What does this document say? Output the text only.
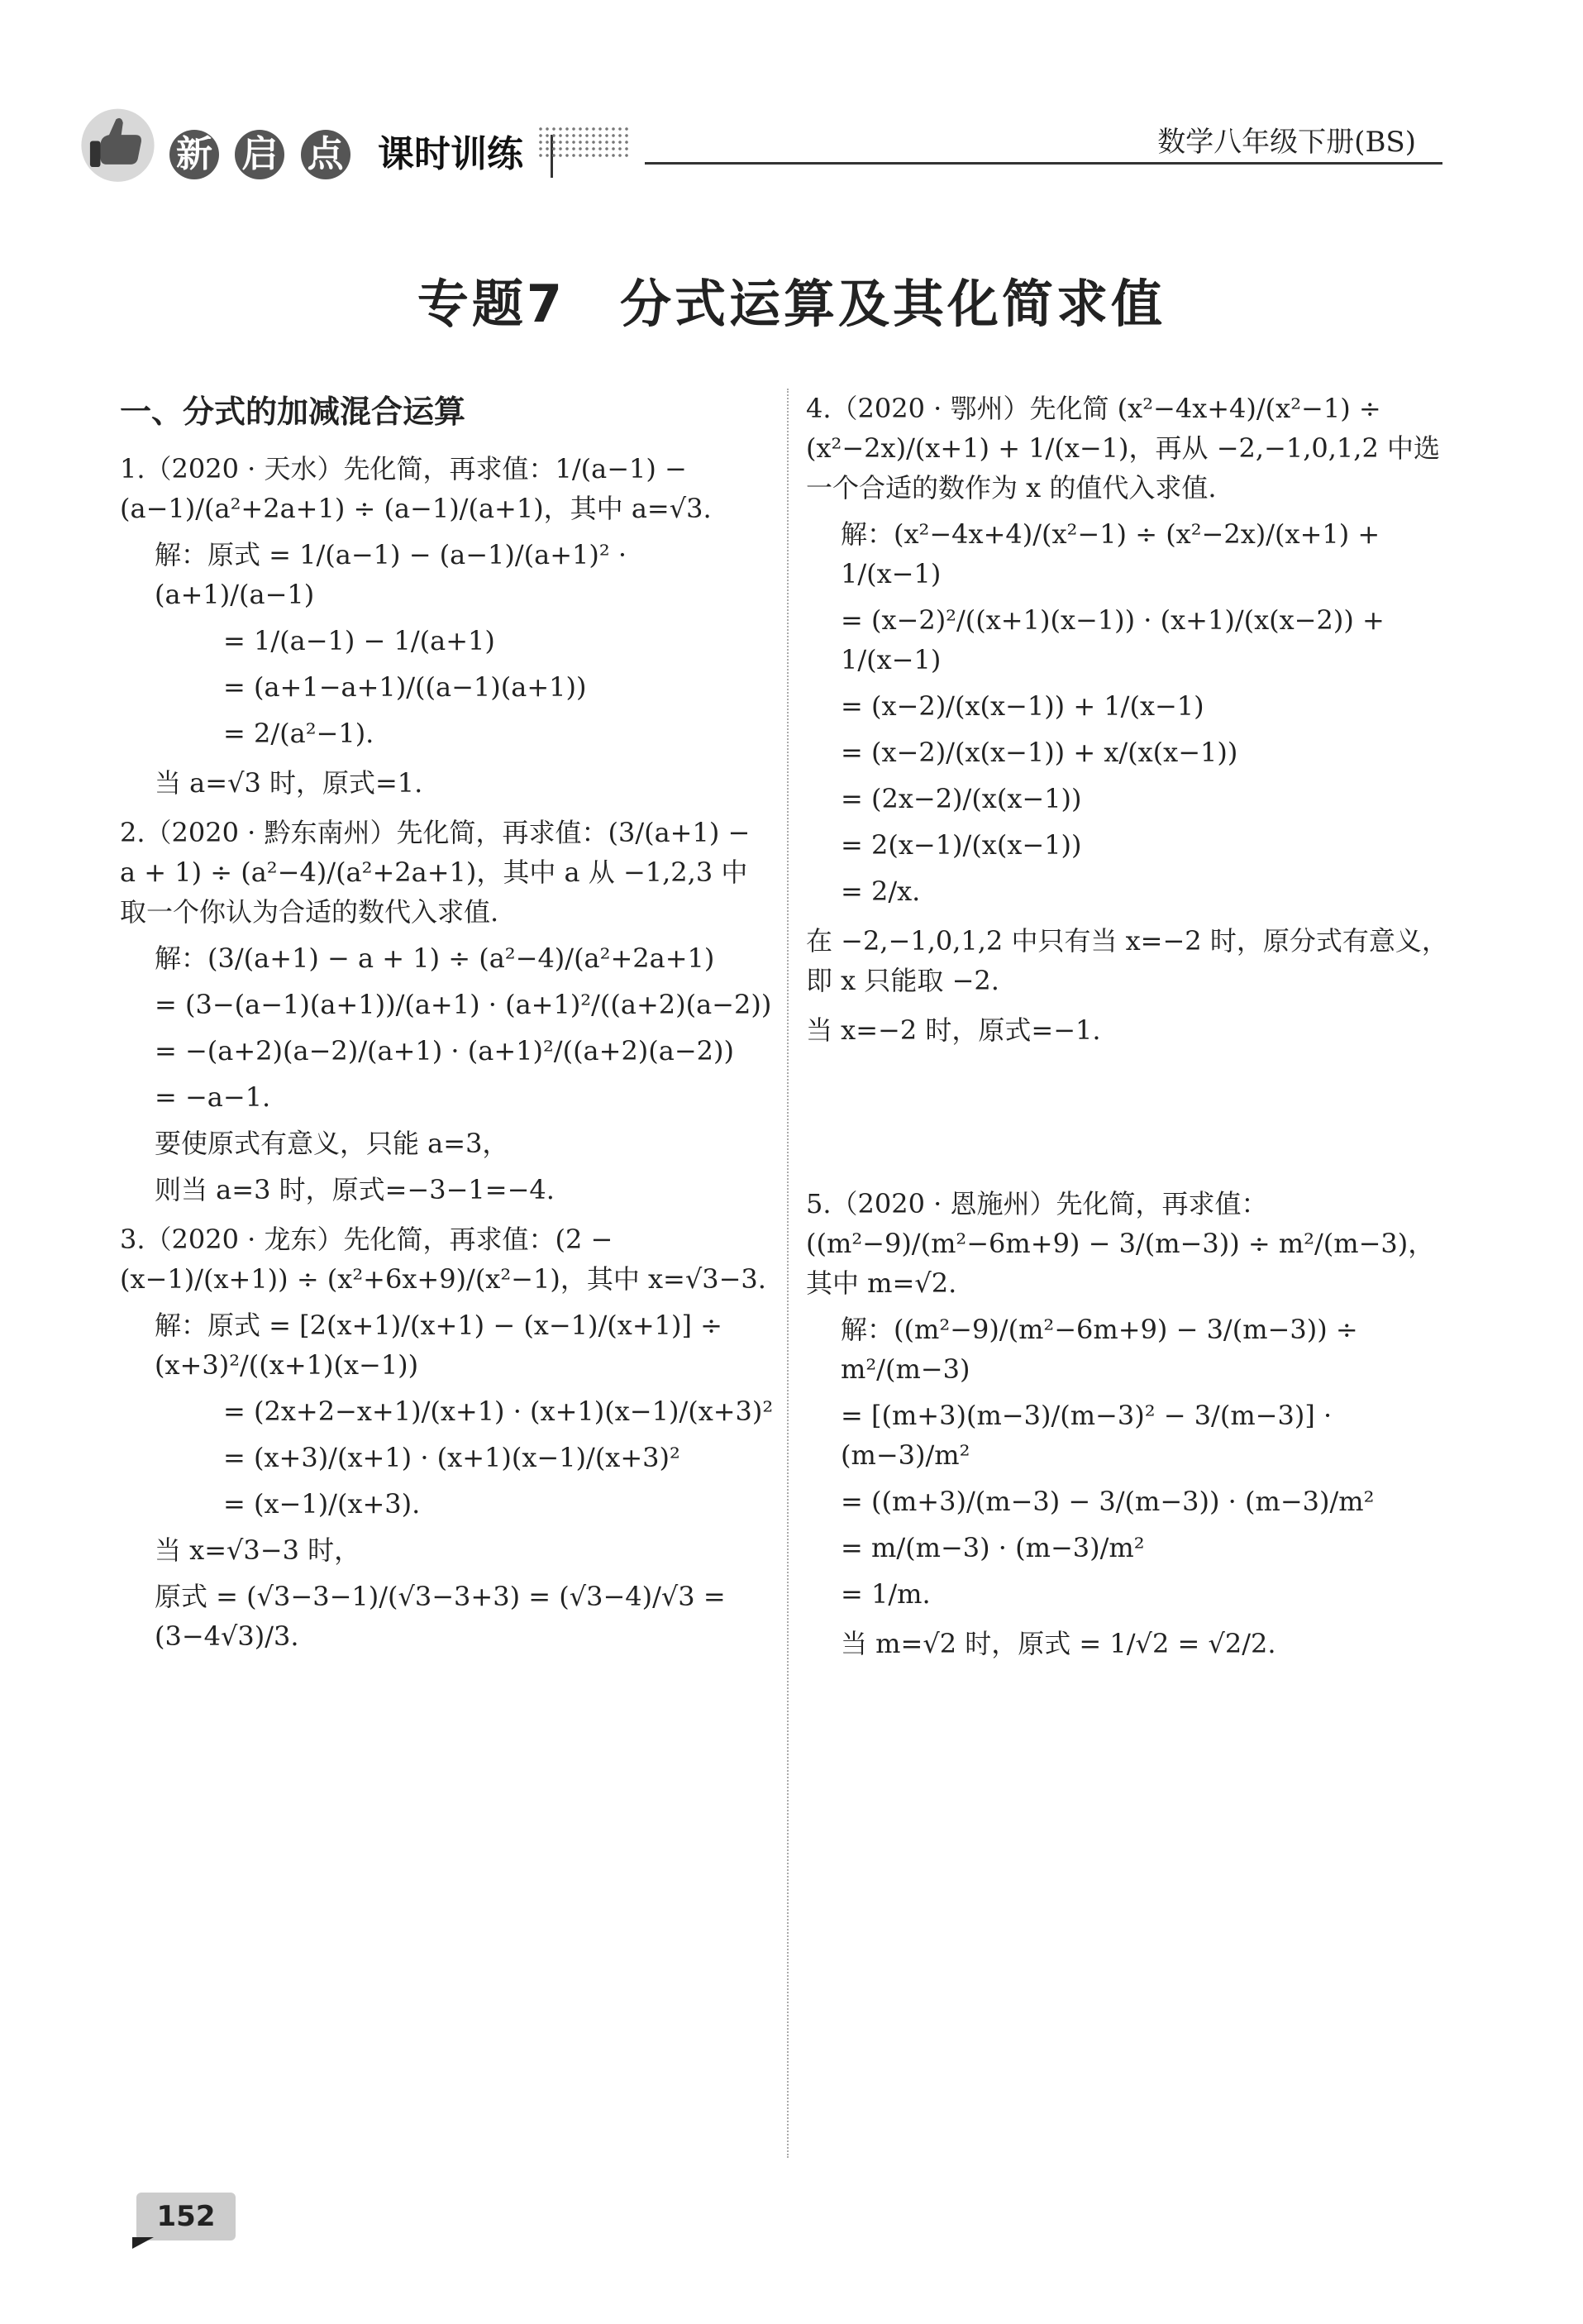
新 启 点 课时训练	数学八年级下册(BS)
专题7　分式运算及其化简求值
一、分式的加减混合运算
1.（2020 · 天水）先化简，再求值：1/(a−1) − (a−1)/(a²+2a+1) ÷ (a−1)/(a+1)，其中 a=√3.
解：原式 = 1/(a−1) − (a−1)/(a+1)² · (a+1)/(a−1)
= 1/(a−1) − 1/(a+1)
= (a+1−a+1)/((a−1)(a+1))
= 2/(a²−1).
当 a=√3 时，原式=1.
2.（2020 · 黔东南州）先化简，再求值：(3/(a+1) − a + 1) ÷ (a²−4)/(a²+2a+1)，其中 a 从 −1,2,3 中取一个你认为合适的数代入求值.
解：(3/(a+1) − a + 1) ÷ (a²−4)/(a²+2a+1)
= (3−(a−1)(a+1))/(a+1) · (a+1)²/((a+2)(a−2))
= −(a+2)(a−2)/(a+1) · (a+1)²/((a+2)(a−2))
= −a−1.
要使原式有意义，只能 a=3，
则当 a=3 时，原式=−3−1=−4.
3.（2020 · 龙东）先化简，再求值：(2 − (x−1)/(x+1)) ÷ (x²+6x+9)/(x²−1)，其中 x=√3−3.
解：原式 = [2(x+1)/(x+1) − (x−1)/(x+1)] ÷ (x+3)²/((x+1)(x−1))
= (2x+2−x+1)/(x+1) · (x+1)(x−1)/(x+3)²
= (x+3)/(x+1) · (x+1)(x−1)/(x+3)²
= (x−1)/(x+3).
当 x=√3−3 时，
原式 = (√3−3−1)/(√3−3+3) = (√3−4)/√3 = (3−4√3)/3.
4.（2020 · 鄂州）先化简 (x²−4x+4)/(x²−1) ÷ (x²−2x)/(x+1) + 1/(x−1)，再从 −2,−1,0,1,2 中选一个合适的数作为 x 的值代入求值.
解：(x²−4x+4)/(x²−1) ÷ (x²−2x)/(x+1) + 1/(x−1)
= (x−2)²/((x+1)(x−1)) · (x+1)/(x(x−2)) + 1/(x−1)
= (x−2)/(x(x−1)) + 1/(x−1)
= (x−2)/(x(x−1)) + x/(x(x−1))
= (2x−2)/(x(x−1))
= 2(x−1)/(x(x−1))
= 2/x.
在 −2,−1,0,1,2 中只有当 x=−2 时，原分式有意义，即 x 只能取 −2.
当 x=−2 时，原式=−1.
5.（2020 · 恩施州）先化简，再求值：((m²−9)/(m²−6m+9) − 3/(m−3)) ÷ m²/(m−3)，其中 m=√2.
解：((m²−9)/(m²−6m+9) − 3/(m−3)) ÷ m²/(m−3)
= [(m+3)(m−3)/(m−3)² − 3/(m−3)] · (m−3)/m²
= ((m+3)/(m−3) − 3/(m−3)) · (m−3)/m²
= m/(m−3) · (m−3)/m²
= 1/m.
当 m=√2 时，原式 = 1/√2 = √2/2.
152
